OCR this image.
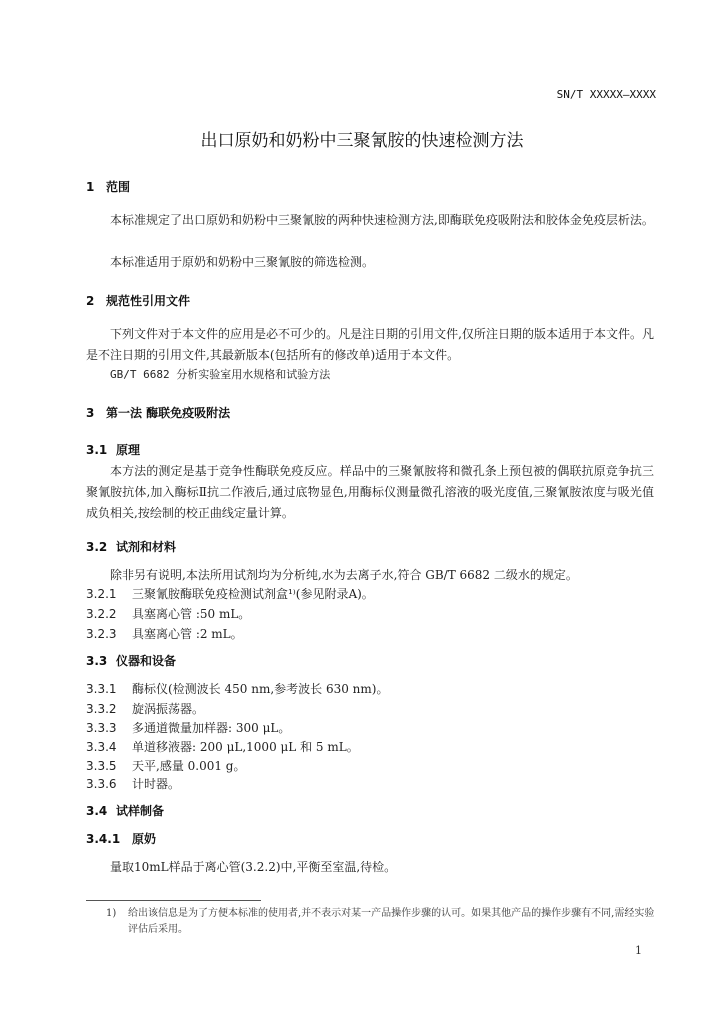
SN/T XXXXX—XXXX
出口原奶和奶粉中三聚氰胺的快速检测方法
1 范围
本标准规定了出口原奶和奶粉中三聚氰胺的两种快速检测方法,即酶联免疫吸附法和胶体金免疫层析法。
本标准适用于原奶和奶粉中三聚氰胺的筛选检测。
2 规范性引用文件
下列文件对于本文件的应用是必不可少的。凡是注日期的引用文件,仅所注日期的版本适用于本文件。凡是不注日期的引用文件,其最新版本(包括所有的修改单)适用于本文件。
GB/T 6682 分析实验室用水规格和试验方法
3 第一法 酶联免疫吸附法
3.1 原理
本方法的测定是基于竞争性酶联免疫反应。样品中的三聚氰胺将和微孔条上预包被的偶联抗原竞争抗三聚氰胺抗体,加入酶标Ⅱ抗二作液后,通过底物显色,用酶标仪测量微孔溶液的吸光度值,三聚氰胺浓度与吸光值成负相关,按绘制的校正曲线定量计算。
3.2 试剂和材料
除非另有说明,本法所用试剂均为分析纯,水为去离子水,符合 GB/T 6682 二级水的规定。
3.2.1 三聚氰胺酶联免疫检测试剂盒¹⁾(参见附录A)。
3.2.2 具塞离心管 :50 mL。
3.2.3 具塞离心管 :2 mL。
3.3 仪器和设备
3.3.1 酶标仪(检测波长 450 nm,参考波长 630 nm)。
3.3.2 旋涡振荡器。
3.3.3 多通道微量加样器: 300 μL。
3.3.4 单道移液器: 200 μL,1000 μL 和 5 mL。
3.3.5 天平,感量 0.001 g。
3.3.6 计时器。
3.4 试样制备
3.4.1 原奶
量取10mL样品于离心管(3.2.2)中,平衡至室温,待检。
1)	给出该信息是为了方便本标准的使用者,并不表示对某一产品操作步骤的认可。如果其他产品的操作步骤有不同,需经实验评估后采用。
1
